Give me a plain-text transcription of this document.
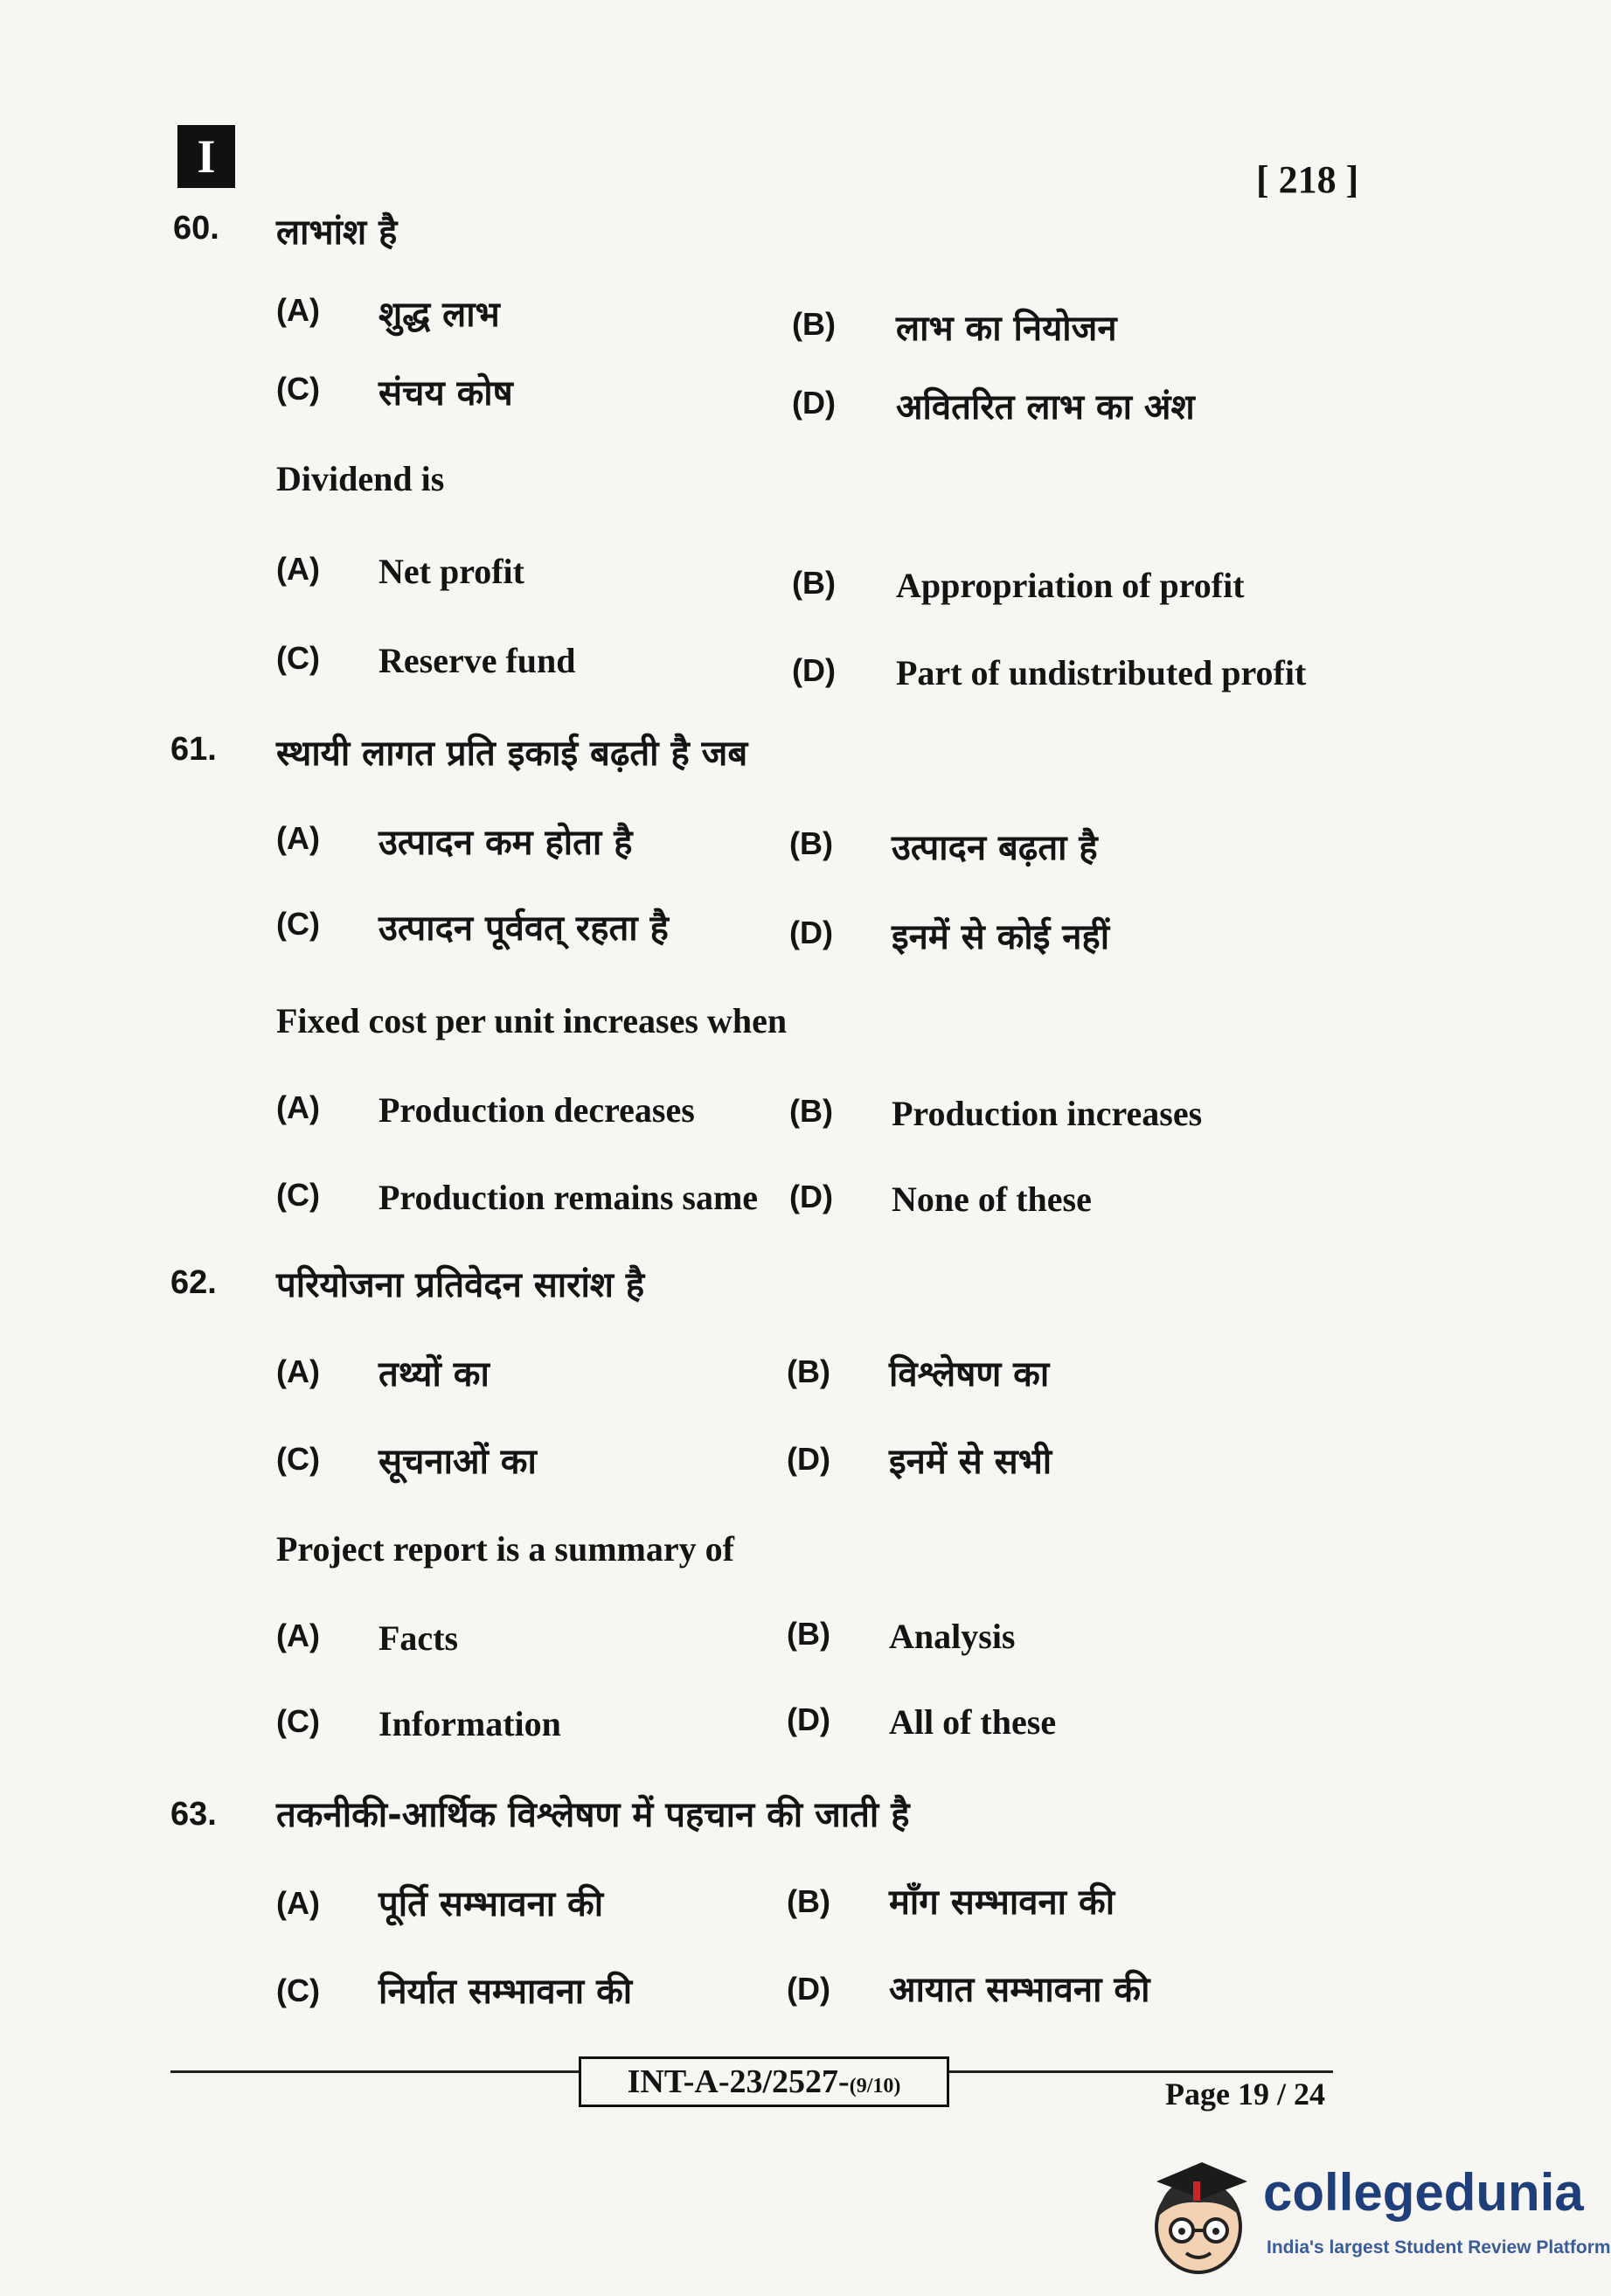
I	[ 218 ]
60. लाभांश है
(A) शुद्ध लाभ	(B) लाभ का नियोजन
(C) संचय कोष	(D) अवितरित लाभ का अंश
Dividend is
(A) Net profit	(B) Appropriation of profit
(C) Reserve fund	(D) Part of undistributed profit
61. स्थायी लागत प्रति इकाई बढ़ती है जब
(A) उत्पादन कम होता है	(B) उत्पादन बढ़ता है
(C) उत्पादन पूर्ववत् रहता है	(D) इनमें से कोई नहीं
Fixed cost per unit increases when
(A) Production decreases	(B) Production increases
(C) Production remains same (D) None of these
62. परियोजना प्रतिवेदन सारांश है
(A) तथ्यों का	(B) विश्लेषण का
(C) सूचनाओं का	(D) इनमें से सभी
Project report is a summary of
(A) Facts	(B) Analysis
(C) Information	(D) All of these
63. तकनीकी-आर्थिक विश्लेषण में पहचान की जाती है
(A) पूर्ति सम्भावना की	(B) माँग सम्भावना की
(C) निर्यात सम्भावना की	(D) आयात सम्भावना की
INT-A-23/2527-(9/10)	Page 19 / 24
collegedunia
India's largest Student Review Platform
